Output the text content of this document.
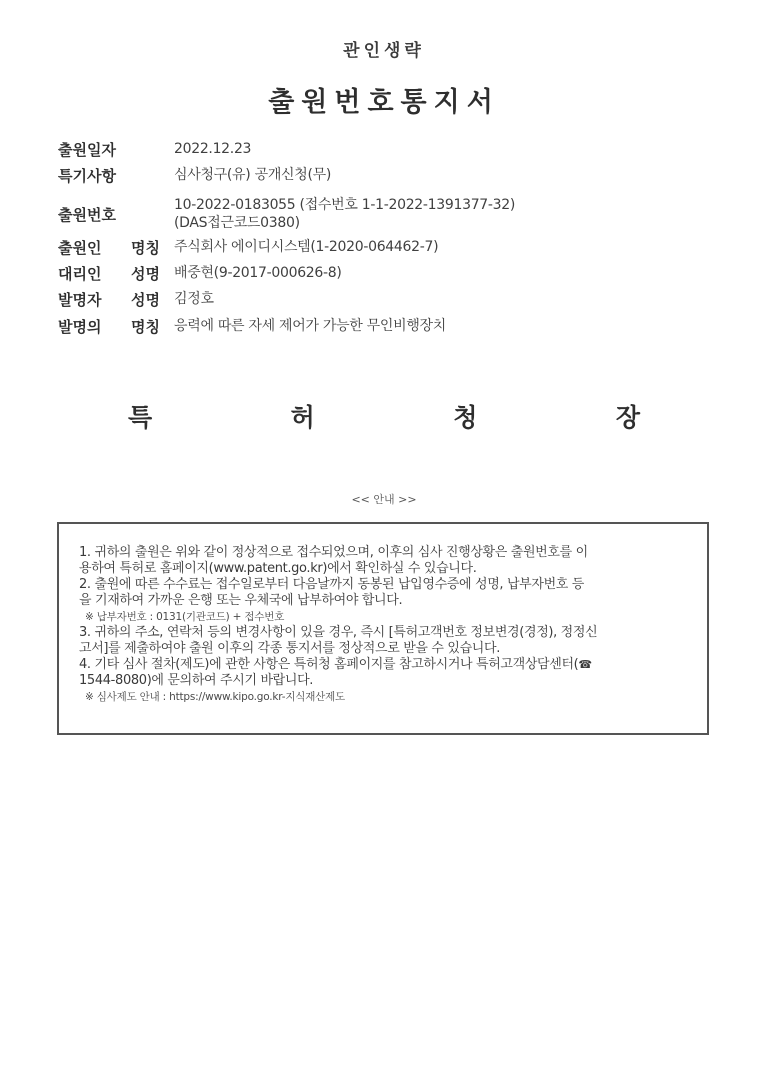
관인생략
출원번호통지서
출원일자	2022.12.23
특기사항	심사청구(유) 공개신청(무)
출원번호
10-2022-0183055 (접수번호 1-1-2022-1391377-32)
(DAS접근코드0380)
출원인 명칭 주식회사 에이디시스템(1-2020-064462-7)
대리인 성명 배중현(9-2017-000626-8)
발명자 성명 김정호
발명의 명칭 응력에 따른 자세 제어가 가능한 무인비행장치
특	허	청	장
<< 안내 >>
1. 귀하의 출원은 위와 같이 정상적으로 접수되었으며, 이후의 심사 진행상황은 출원번호를 이
용하여 특허로 홈페이지(www.patent.go.kr)에서 확인하실 수 있습니다.
2. 출원에 따른 수수료는 접수일로부터 다음날까지 동봉된 납입영수증에 성명, 납부자번호 등
을 기재하여 가까운 은행 또는 우체국에 납부하여야 합니다.
※ 납부자번호 : 0131(기관코드) + 접수번호
3. 귀하의 주소, 연락처 등의 변경사항이 있을 경우, 즉시 [특허고객번호 정보변경(경정), 정정신
고서]를 제출하여야 출원 이후의 각종 통지서를 정상적으로 받을 수 있습니다.
4. 기타 심사 절차(제도)에 관한 사항은 특허청 홈페이지를 참고하시거나 특허고객상담센터(☎
1544-8080)에 문의하여 주시기 바랍니다.
※ 심사제도 안내 : https://www.kipo.go.kr-지식재산제도
